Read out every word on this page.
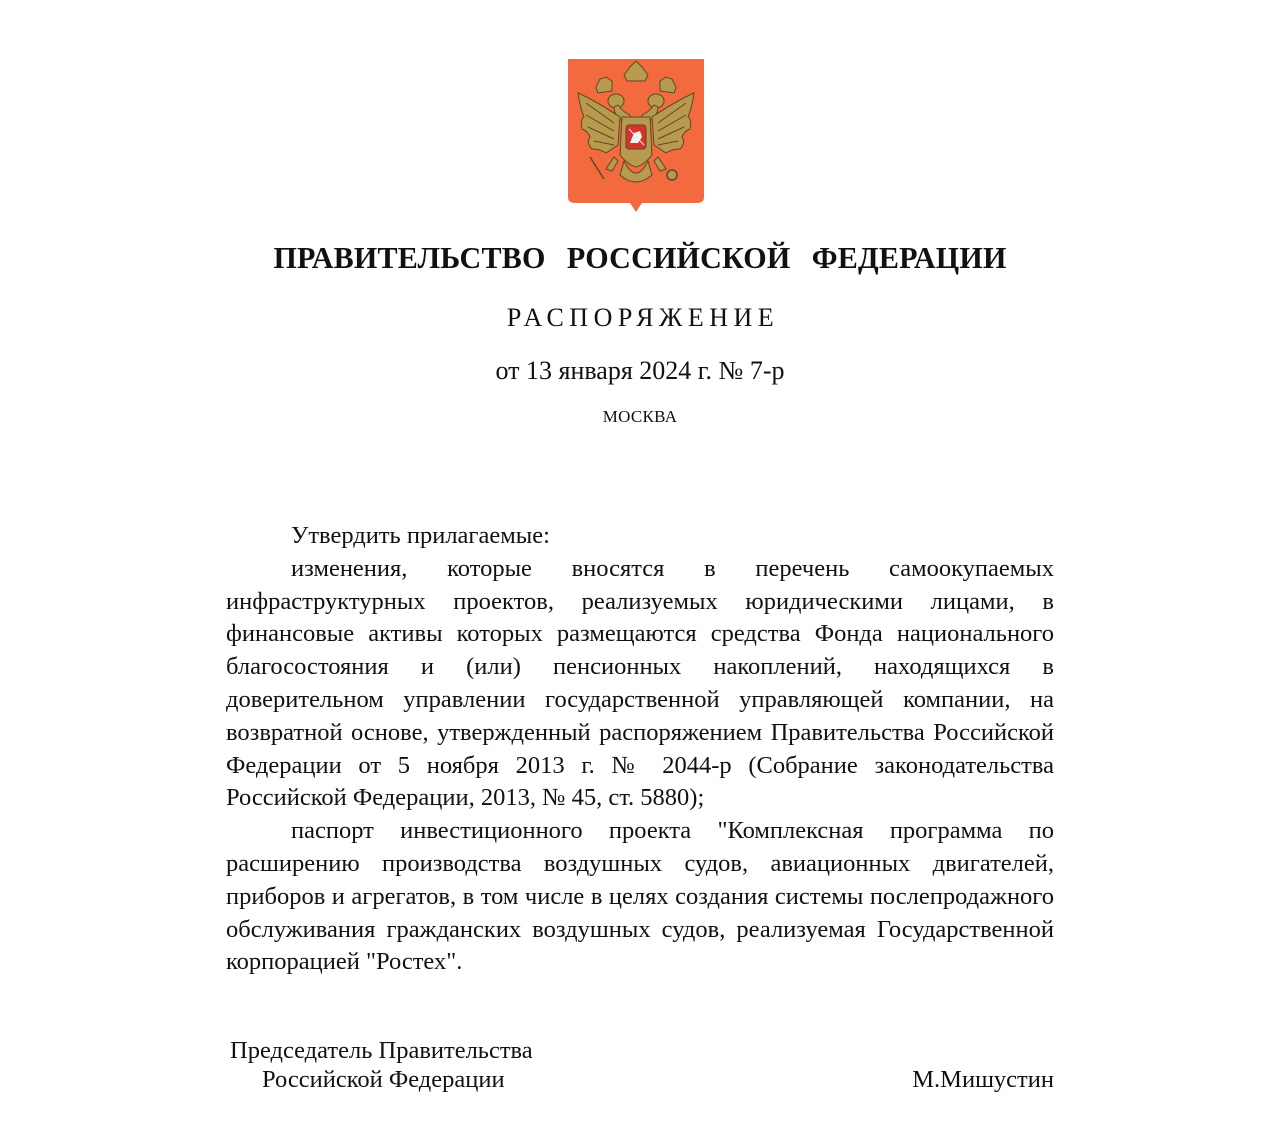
ПРАВИТЕЛЬСТВО РОССИЙСКОЙ ФЕДЕРАЦИИ
РАСПОРЯЖЕНИЕ
от 13 января 2024 г. № 7-р
МОСКВА

Утвердить прилагаемые:

изменения, которые вносятся в перечень самоокупаемых инфраструктурных проектов, реализуемых юридическими лицами, в финансовые активы которых размещаются средства Фонда национального благосостояния и (или) пенсионных накоплений, находящихся в доверительном управлении государственной управляющей компании, на возвратной основе, утвержденный распоряжением Правительства Российской Федерации от 5 ноября 2013 г. № 2044-р (Собрание законодательства Российской Федерации, 2013, № 45, ст. 5880);

паспорт инвестиционного проекта "Комплексная программа по расширению производства воздушных судов, авиационных двигателей, приборов и агрегатов, в том числе в целях создания системы послепродажного обслуживания гражданских воздушных судов, реализуемая Государственной корпорацией "Ростех".

Председатель Правительства
Российской Федерации	М.Мишустин
